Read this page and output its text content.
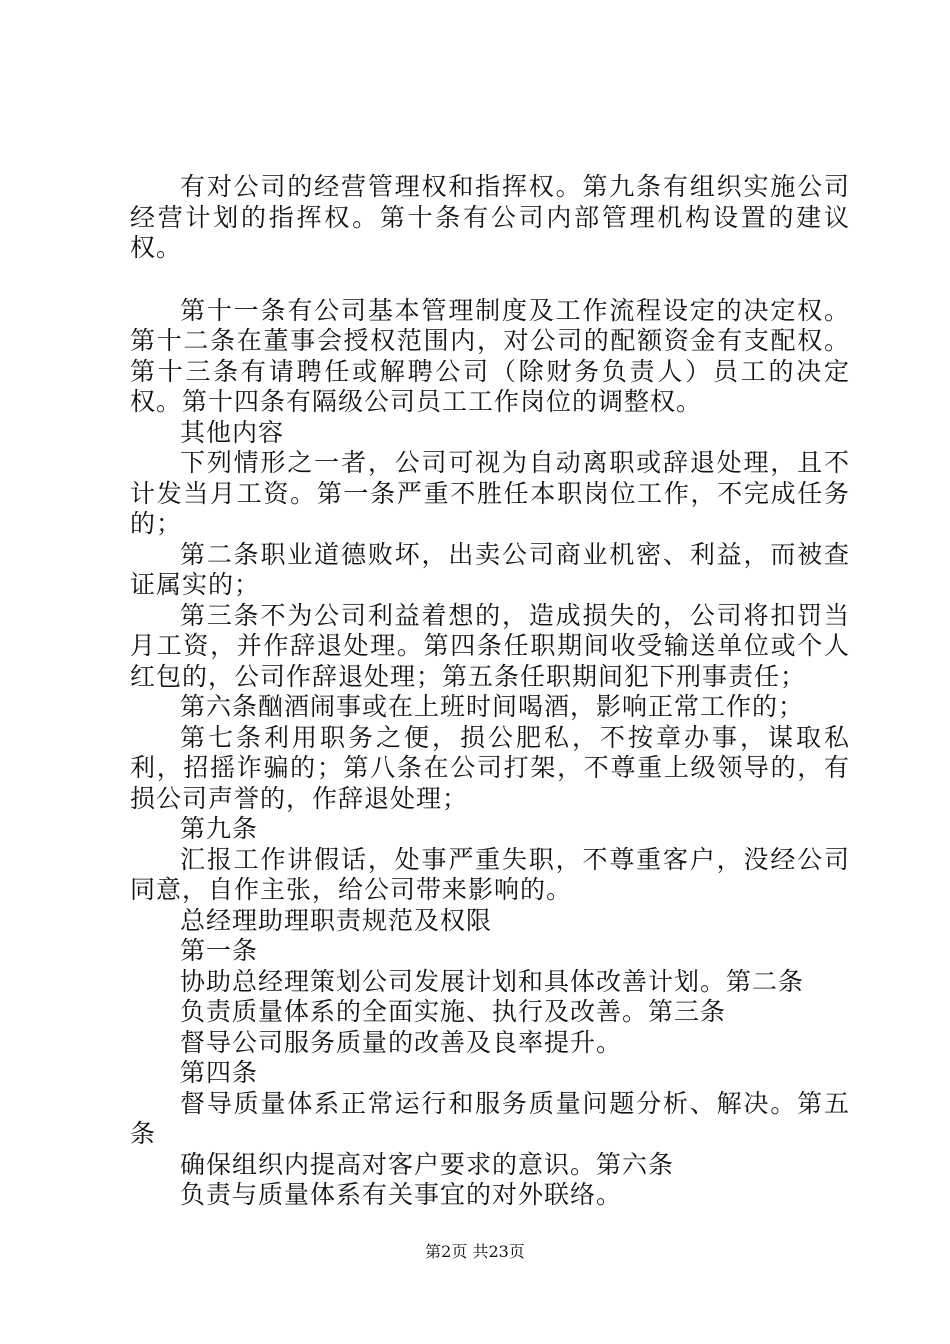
有对公司的经营管理权和指挥权。第九条有组织实施公司经营计划的指挥权。第十条有公司内部管理机构设置的建议权。

第十一条有公司基本管理制度及工作流程设定的决定权。第十二条在董事会授权范围内，对公司的配额资金有支配权。第十三条有请聘任或解聘公司（除财务负责人）员工的决定权。第十四条有隔级公司员工工作岗位的调整权。

其他内容

下列情形之一者，公司可视为自动离职或辞退处理，且不计发当月工资。第一条严重不胜任本职岗位工作，不完成任务的；

第二条职业道德败坏，出卖公司商业机密、利益，而被查证属实的；

第三条不为公司利益着想的，造成损失的，公司将扣罚当月工资，并作辞退处理。第四条任职期间收受输送单位或个人红包的，公司作辞退处理；第五条任职期间犯下刑事责任；

第六条酗酒闹事或在上班时间喝酒，影响正常工作的；

第七条利用职务之便，损公肥私，不按章办事，谋取私利，招摇诈骗的；第八条在公司打架，不尊重上级领导的，有损公司声誉的，作辞退处理；

第九条

汇报工作讲假话，处事严重失职，不尊重客户，没经公司同意，自作主张，给公司带来影响的。

总经理助理职责规范及权限

第一条

协助总经理策划公司发展计划和具体改善计划。第二条

负责质量体系的全面实施、执行及改善。第三条

督导公司服务质量的改善及良率提升。

第四条

督导质量体系正常运行和服务质量问题分析、解决。第五条

确保组织内提高对客户要求的意识。第六条

负责与质量体系有关事宜的对外联络。

第2页 共23页
